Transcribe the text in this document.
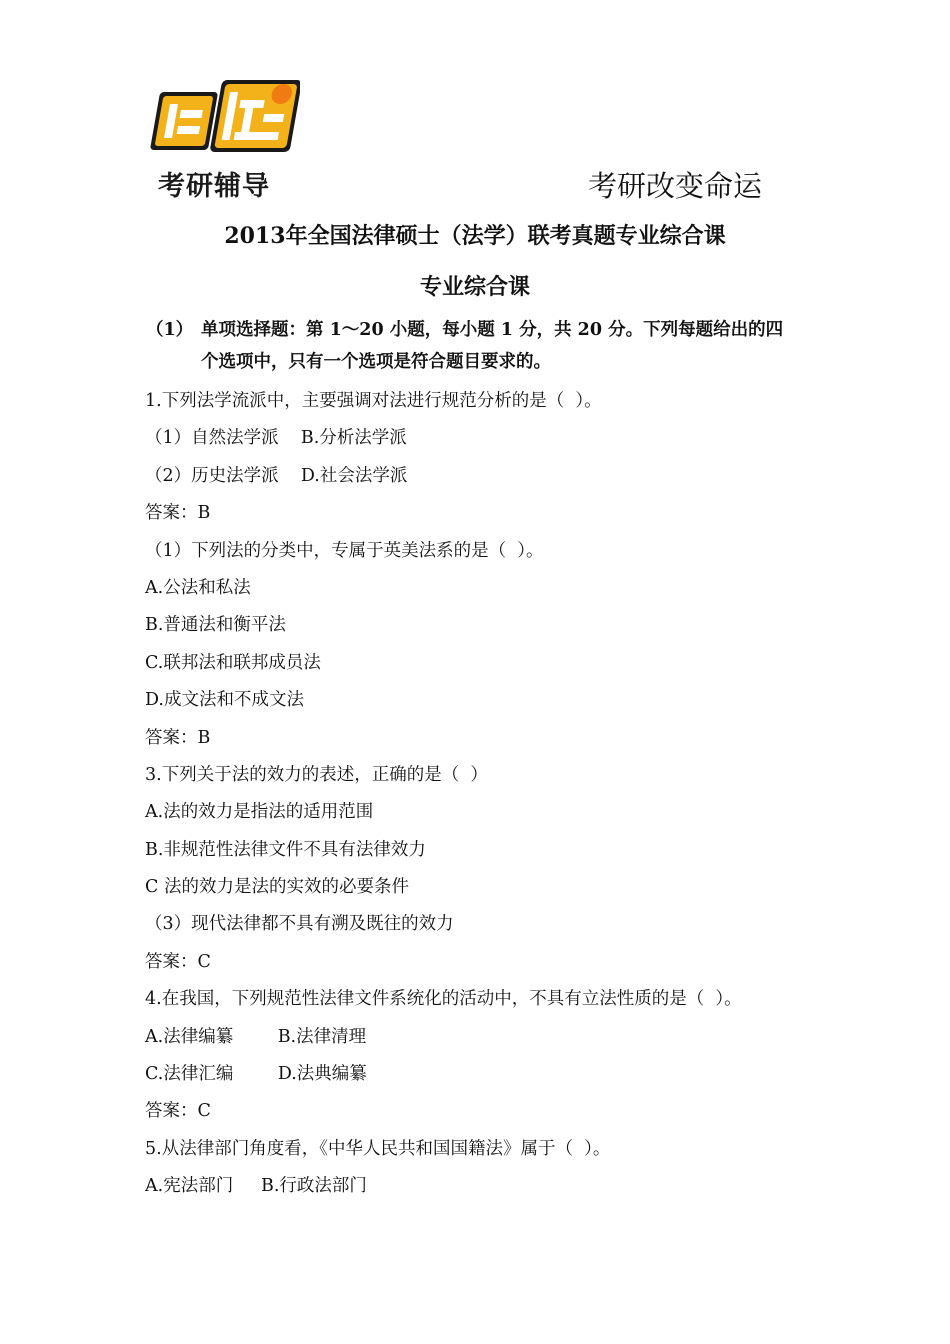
考研辅导	考研改变命运
2013年全国法律硕士（法学）联考真题专业综合课
专业综合课
（1） 单项选择题：第 1～20 小题，每小题 1 分，共 20 分。下列每题给出的四
个选项中，只有一个选项是符合题目要求的。
1.下列法学流派中，主要强调对法进行规范分析的是（  ）。
（1）自然法学派    B.分析法学派
（2）历史法学派    D.社会法学派
答案：B
（1）下列法的分类中，专属于英美法系的是（  ）。
A.公法和私法
B.普通法和衡平法
C.联邦法和联邦成员法
D.成文法和不成文法
答案：B
3.下列关于法的效力的表述，正确的是（  ）
A.法的效力是指法的适用范围
B.非规范性法律文件不具有法律效力
C 法的效力是法的实效的必要条件
（3）现代法律都不具有溯及既往的效力
答案：C
4.在我国，下列规范性法律文件系统化的活动中，不具有立法性质的是（  ）。
A.法律编纂        B.法律清理
C.法律汇编        D.法典编纂
答案：C
5.从法律部门角度看，《中华人民共和国国籍法》属于（  ）。
A.宪法部门     B.行政法部门
